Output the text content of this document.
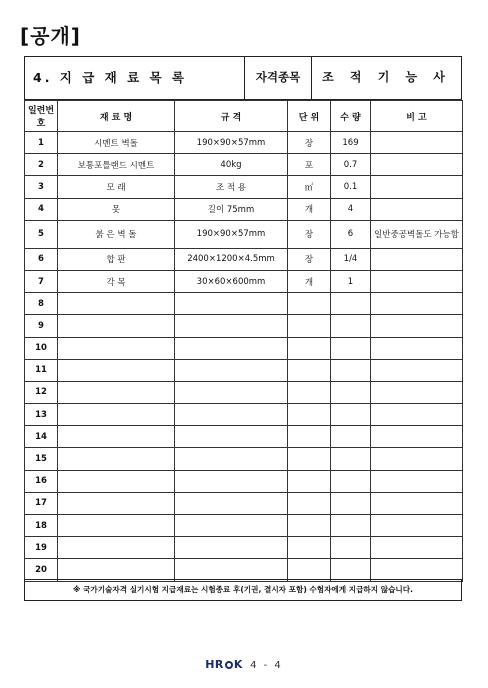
[공개]
4. 지 급 재 료 목 록	자격종목	조 적 기 능 사
일련번호	재 료 명	규 격	단 위	수 량	비 고
1	시멘트 벽돌	190×90×57mm	장	169	
2	보통포틀랜드 시멘트	40kg	포	0.7	
3	모 래	조 적 용	㎥	0.1	
4	못	길이 75mm	개	4	
5	붉 은 벽 돌	190×90×57mm	장	6	일반중공벽돌도 가능함
6	합 판	2400×1200×4.5mm	장	1/4	
7	각 목	30×60×600mm	개	1	
8					
9					
10					
11					
12					
13					
14					
15					
16					
17					
18					
19					
20					
※ 국가기술자격 실기시험 지급재료는 시험종료 후(기권, 결시자 포함) 수험자에게 지급하지 않습니다.
HR K 4 - 4
